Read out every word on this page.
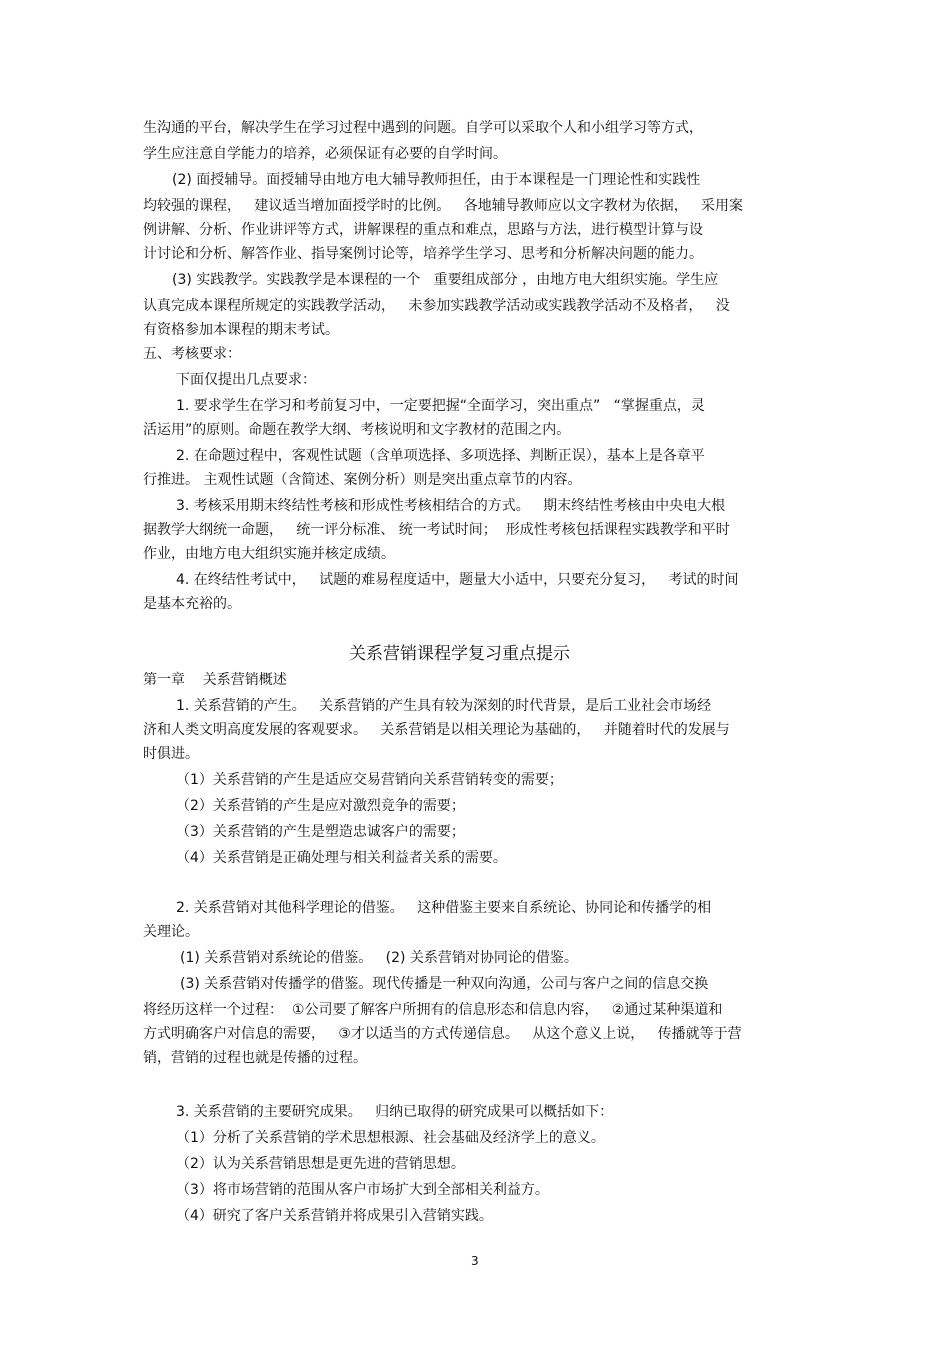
生沟通的平台，解决学生在学习过程中遇到的问题。自学可以采取个人和小组学习等方式，

学生应注意自学能力的培养，必须保证有必要的自学时间。

(2) 面授辅导。面授辅导由地方电大辅导教师担任，由于本课程是一门理论性和实践性

均较强的课程，   建议适当增加面授学时的比例。   各地辅导教师应以文字教材为依据，   采用案

例讲解、分析、作业讲评等方式，讲解课程的重点和难点，思路与方法，进行模型计算与设

计讨论和分析、解答作业、指导案例讨论等，培养学生学习、思考和分析解决问题的能力。

(3) 实践教学。实践教学是本课程的一个   重要组成部分 ，由地方电大组织实施。学生应

认真完成本课程所规定的实践教学活动，   未参加实践教学活动或实践教学活动不及格者，   没

有资格参加本课程的期末考试。

五、考核要求：

下面仅提出几点要求：

1. 要求学生在学习和考前复习中，一定要把握“全面学习，突出重点”   “掌握重点，灵

活运用”的原则。命题在教学大纲、考核说明和文字教材的范围之内。

2. 在命题过程中，客观性试题（含单项选择、多项选择、判断正误），基本上是各章平

行推进。 主观性试题（含简述、案例分析）则是突出重点章节的内容。

3. 考核采用期末终结性考核和形成性考核相结合的方式。   期末终结性考核由中央电大根

据教学大纲统一命题，   统一评分标准、 统一考试时间；  形成性考核包括课程实践教学和平时

作业，由地方电大组织实施并核定成绩。

4. 在终结性考试中，   试题的难易程度适中，题量大小适中，只要充分复习，   考试的时间

是基本充裕的。

关系营销课程学复习重点提示

第一章    关系营销概述

1. 关系营销的产生。   关系营销的产生具有较为深刻的时代背景，是后工业社会市场经

济和人类文明高度发展的客观要求。   关系营销是以相关理论为基础的，   并随着时代的发展与

时俱进。

（1）关系营销的产生是适应交易营销向关系营销转变的需要；

（2）关系营销的产生是应对激烈竞争的需要；

（3）关系营销的产生是塑造忠诚客户的需要；

（4）关系营销是正确处理与相关利益者关系的需要。

2. 关系营销对其他科学理论的借鉴。   这种借鉴主要来自系统论、协同论和传播学的相

关理论。

(1) 关系营销对系统论的借鉴。   (2) 关系营销对协同论的借鉴。

(3) 关系营销对传播学的借鉴。现代传播是一种双向沟通，公司与客户之间的信息交换

将经历这样一个过程：  ①公司要了解客户所拥有的信息形态和信息内容，   ②通过某种渠道和

方式明确客户对信息的需要，   ③才以适当的方式传递信息。   从这个意义上说，   传播就等于营

销，营销的过程也就是传播的过程。

3. 关系营销的主要研究成果。   归纳已取得的研究成果可以概括如下：

（1）分析了关系营销的学术思想根源、社会基础及经济学上的意义。

（2）认为关系营销思想是更先进的营销思想。

（3）将市场营销的范围从客户市场扩大到全部相关利益方。

（4）研究了客户关系营销并将成果引入营销实践。

3
